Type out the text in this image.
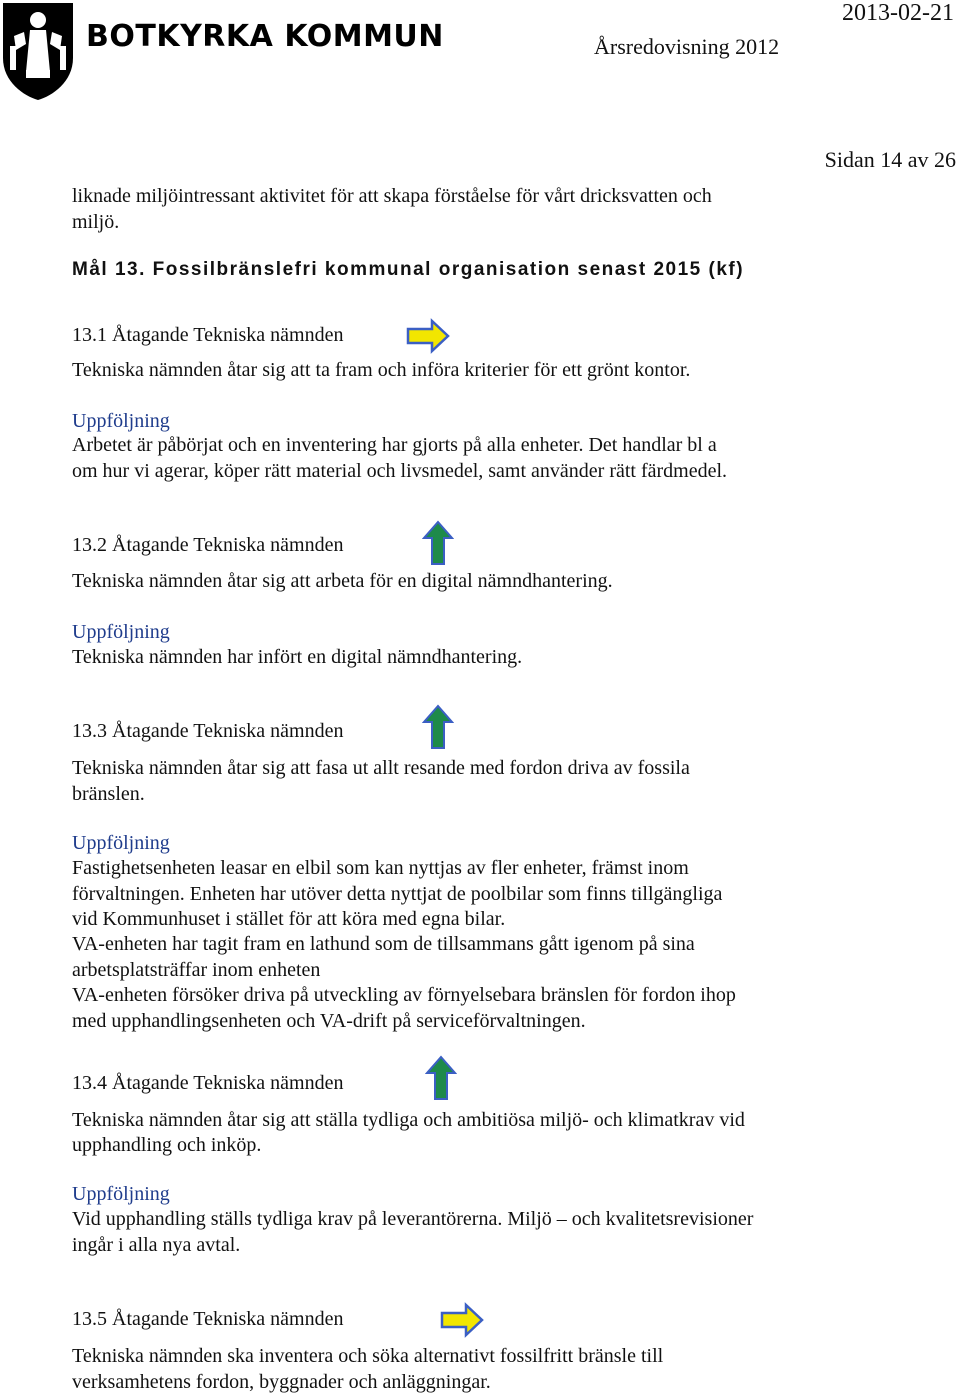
BOTKYRKA KOMMUN
2013-02-21
Årsredovisning 2012
Sidan 14 av 26
liknade miljöintressant aktivitet för att skapa förståelse för vårt dricksvatten och
miljö.
Mål 13. Fossilbränslefri kommunal organisation senast 2015 (kf)
13.1 Åtagande Tekniska nämnden
Tekniska nämnden åtar sig att ta fram och införa kriterier för ett grönt kontor.
Uppföljning
Arbetet är påbörjat och en inventering har gjorts på alla enheter. Det handlar bl a
om hur vi agerar, köper rätt material och livsmedel, samt använder rätt färdmedel.
13.2 Åtagande Tekniska nämnden
Tekniska nämnden åtar sig att arbeta för en digital nämndhantering.
Uppföljning
Tekniska nämnden har infört en digital nämndhantering.
13.3 Åtagande Tekniska nämnden
Tekniska nämnden åtar sig att fasa ut allt resande med fordon driva av fossila
bränslen.
Uppföljning
Fastighetsenheten leasar en elbil som kan nyttjas av fler enheter, främst inom
förvaltningen. Enheten har utöver detta nyttjat de poolbilar som finns tillgängliga
vid Kommunhuset i stället för att köra med egna bilar.
VA-enheten har tagit fram en lathund som de tillsammans gått igenom på sina
arbetsplatsträffar inom enheten
VA-enheten försöker driva på utveckling av förnyelsebara bränslen för fordon ihop
med upphandlingsenheten och VA-drift på serviceförvaltningen.
13.4 Åtagande Tekniska nämnden
Tekniska nämnden åtar sig att ställa tydliga och ambitiösa miljö- och klimatkrav vid
upphandling och inköp.
Uppföljning
Vid upphandling ställs tydliga krav på leverantörerna. Miljö – och kvalitetsrevisioner
ingår i alla nya avtal.
13.5 Åtagande Tekniska nämnden
Tekniska nämnden ska inventera och söka alternativt fossilfritt bränsle till
verksamhetens fordon, byggnader och anläggningar.
